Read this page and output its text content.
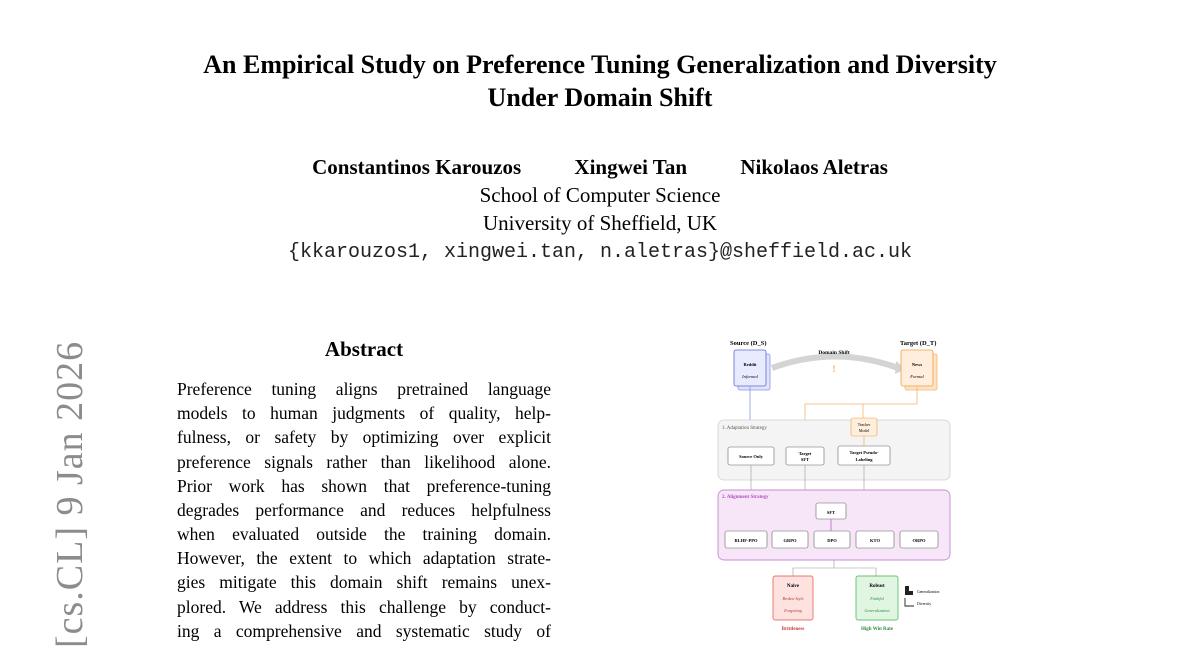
An Empirical Study on Preference Tuning Generalization and Diversity
Under Domain Shift
Constantinos Karouzos	Xingwei Tan	Nikolaos Aletras
School of Computer Science
University of Sheffield, UK
{kkarouzos1, xingwei.tan, n.aletras}@sheffield.ac.uk
[cs.CL] 9 Jan 2026	Abstract
Preference tuning aligns pretrained language
models to human judgments of quality, help-
fulness, or safety by optimizing over explicit
preference signals rather than likelihood alone.
Prior work has shown that preference-tuning
degrades performance and reduces helpfulness
when evaluated outside the training domain.
However, the extent to which adaptation strate-
gies mitigate this domain shift remains unex-
plored. We address this challenge by conduct-
ing a comprehensive and systematic study of
Source (D_S)	Target (D_T)
Domain Shift
!
Reddit
Informal
News
Formal
1. Adaptation Strategy
Teacher
Model
Source Only
Target
SFT
Target Pseudo-
Labeling
2. Alignment Strategy
SFT
RLHF-PPO	GRPO	DPO	KTO	ORPO
Naive
Broken Style
Forgetting
Brittleness
Robust
Faithful
Generalization
High Win Rate
Generalization
Diversity
